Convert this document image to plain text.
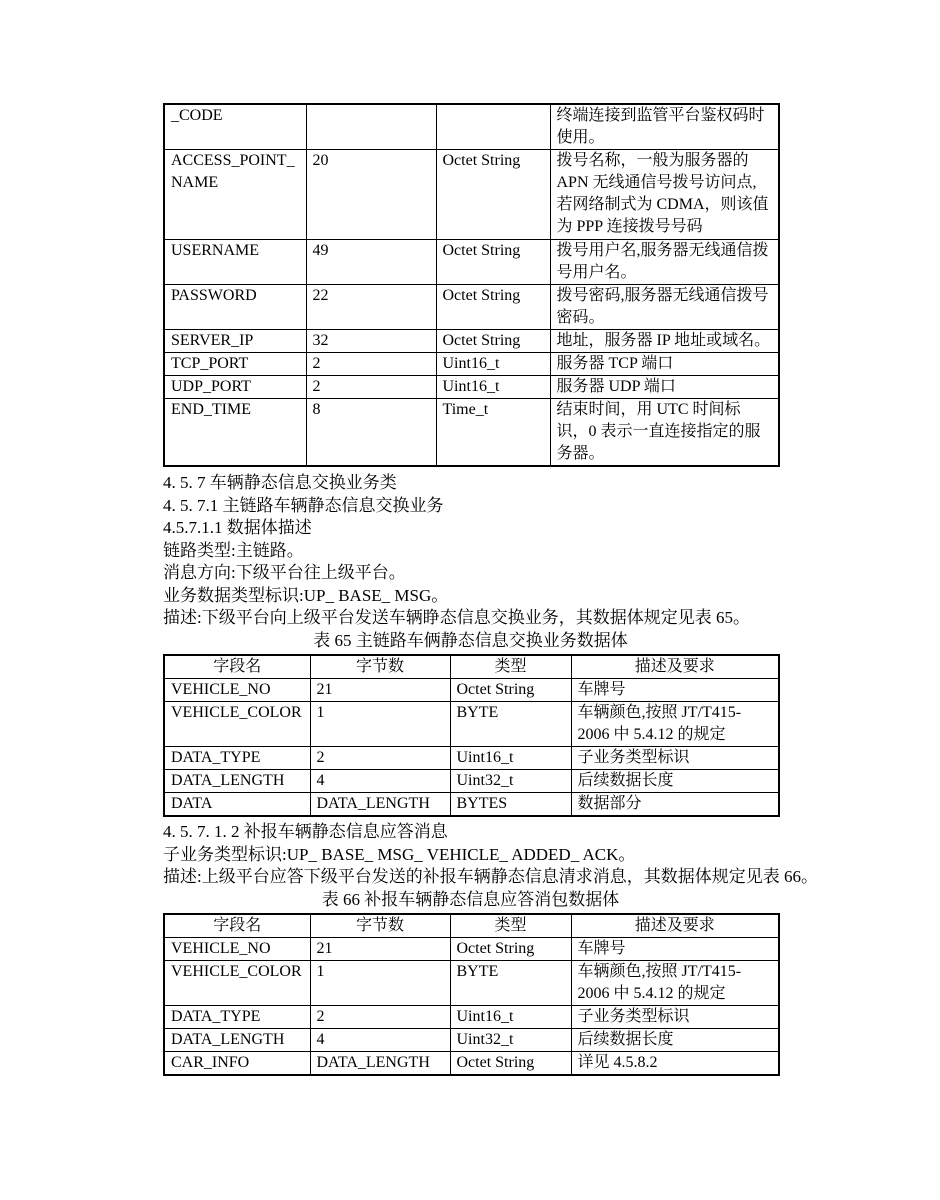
_CODE			终端连接到监管平台鉴权码时使用。
ACCESS_POINT_NAME	20	Octet String	拨号名称，一般为服务器的 APN 无线通信号拨号访问点,若网络制式为 CDMA，则该值为 PPP 连接拨号号码
USERNAME	49	Octet String	拨号用户名,服务器无线通信拨号用户名。
PASSWORD	22	Octet String	拨号密码,服务器无线通信拨号密码。
SERVER_IP	32	Octet String	地址，服务器 IP 地址或域名。
TCP_PORT	2	Uint16_t	服务器 TCP 端口
UDP_PORT	2	Uint16_t	服务器 UDP 端口
END_TIME	8	Time_t	结束时间，用 UTC 时间标识，0 表示一直连接指定的服务器。

4. 5. 7 车辆静态信息交换业务类

4. 5. 7.1 主链路车辆静态信息交换业务

4.5.7.1.1 数据体描述

链路类型:主链路。

消息方向:下级平台往上级平台。

业务数据类型标识:UP_ BASE_ MSG。

描述:下级平台向上级平台发送车辆睁态信息交换业务，其数据体规定见表 65。

表 65 主链路车俩静态信息交换业务数据体

字段名	字节数	类型	描述及要求
VEHICLE_NO	21	Octet String	车牌号
VEHICLE_COLOR	1	BYTE	车辆颜色,按照 JT/T415-2006 中 5.4.12 的规定
DATA_TYPE	2	Uint16_t	子业务类型标识
DATA_LENGTH	4	Uint32_t	后续数据长度
DATA	DATA_LENGTH	BYTES	数据部分

4. 5. 7. 1. 2 补报车辆静态信息应答消息

子业务类型标识:UP_ BASE_ MSG_ VEHICLE_ ADDED_ ACK。

描述:上级平台应答下级平台发送的补报车辆静态信息清求消息，其数据体规定见表 66。

表 66 补报车辆静态信息应答消包数据体

字段名	字节数	类型	描述及要求
VEHICLE_NO	21	Octet String	车牌号
VEHICLE_COLOR	1	BYTE	车辆颜色,按照 JT/T415-2006 中 5.4.12 的规定
DATA_TYPE	2	Uint16_t	子业务类型标识
DATA_LENGTH	4	Uint32_t	后续数据长度
CAR_INFO	DATA_LENGTH	Octet String	详见 4.5.8.2
